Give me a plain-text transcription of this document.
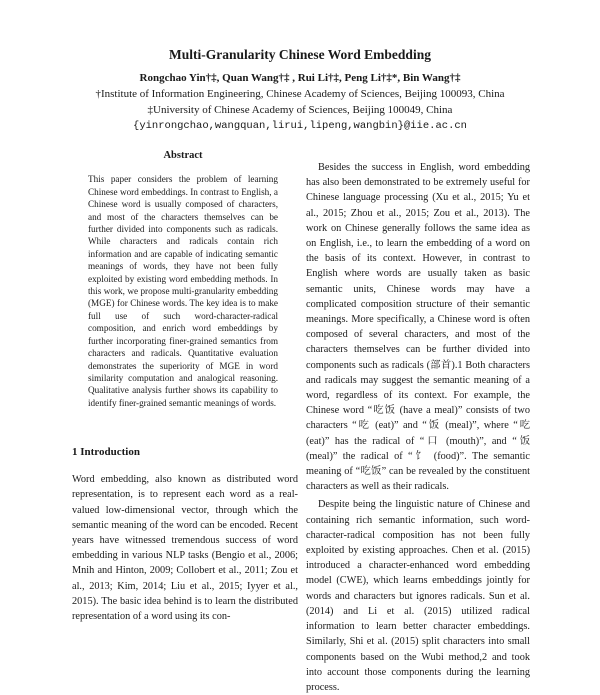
Multi-Granularity Chinese Word Embedding
Rongchao Yin†‡, Quan Wang†‡ , Rui Li†‡, Peng Li†‡*, Bin Wang†‡
†Institute of Information Engineering, Chinese Academy of Sciences, Beijing 100093, China
‡University of Chinese Academy of Sciences, Beijing 100049, China
{yinrongchao,wangquan,lirui,lipeng,wangbin}@iie.ac.cn
Abstract
This paper considers the problem of learning Chinese word embeddings. In contrast to English, a Chinese word is usually composed of characters, and most of the characters themselves can be further divided into components such as radicals. While characters and radicals contain rich information and are capable of indicating semantic meanings of words, they have not been fully exploited by existing word embedding methods. In this work, we propose multi-granularity embedding (MGE) for Chinese words. The key idea is to make full use of such word-character-radical composition, and enrich word embeddings by further incorporating finer-grained semantics from characters and radicals. Quantitative evaluation demonstrates the superiority of MGE in word similarity computation and analogical reasoning. Qualitative analysis further shows its capability to identify finer-grained semantic meanings of words.
1 Introduction
Word embedding, also known as distributed word representation, is to represent each word as a real-valued low-dimensional vector, through which the semantic meaning of the word can be encoded. Recent years have witnessed tremendous success of word embedding in various NLP tasks (Bengio et al., 2006; Mnih and Hinton, 2009; Collobert et al., 2011; Zou et al., 2013; Kim, 2014; Liu et al., 2015; Iyyer et al., 2015). The basic idea behind is to learn the distributed representation of a word using its con-

Besides the success in English, word embedding has also been demonstrated to be extremely useful for Chinese language processing (Xu et al., 2015; Yu et al., 2015; Zhou et al., 2015; Zou et al., 2013). The work on Chinese generally follows the same idea as on English, i.e., to learn the embedding of a word on the basis of its context. However, in contrast to English where words are usually taken as basic semantic units, Chinese words may have a complicated composition structure of their semantic meanings. More specifically, a Chinese word is often composed of several characters, and most of the characters themselves can be further divided into components such as radicals (部首).1 Both characters and radicals may suggest the semantic meaning of a word, regardless of its context. For example, the Chinese word “吃饭 (have a meal)” consists of two characters “吃 (eat)” and “饭 (meal)”, where “吃 (eat)” has the radical of “口 (mouth)”, and “饭 (meal)” the radical of “饣 (food)”. The semantic meaning of “吃饭” can be revealed by the constituent characters as well as their radicals.

Despite being the linguistic nature of Chinese and containing rich semantic information, such word-character-radical composition has not been fully exploited by existing approaches. Chen et al. (2015) introduced a character-enhanced word embedding model (CWE), which learns embeddings jointly for words and characters but ignores radicals. Sun et al. (2014) and Li et al. (2015) utilized radical information to learn better character embeddings. Similarly, Shi et al. (2015) split characters into small components based on the Wubi method,2 and took into account those components during the learning process.
